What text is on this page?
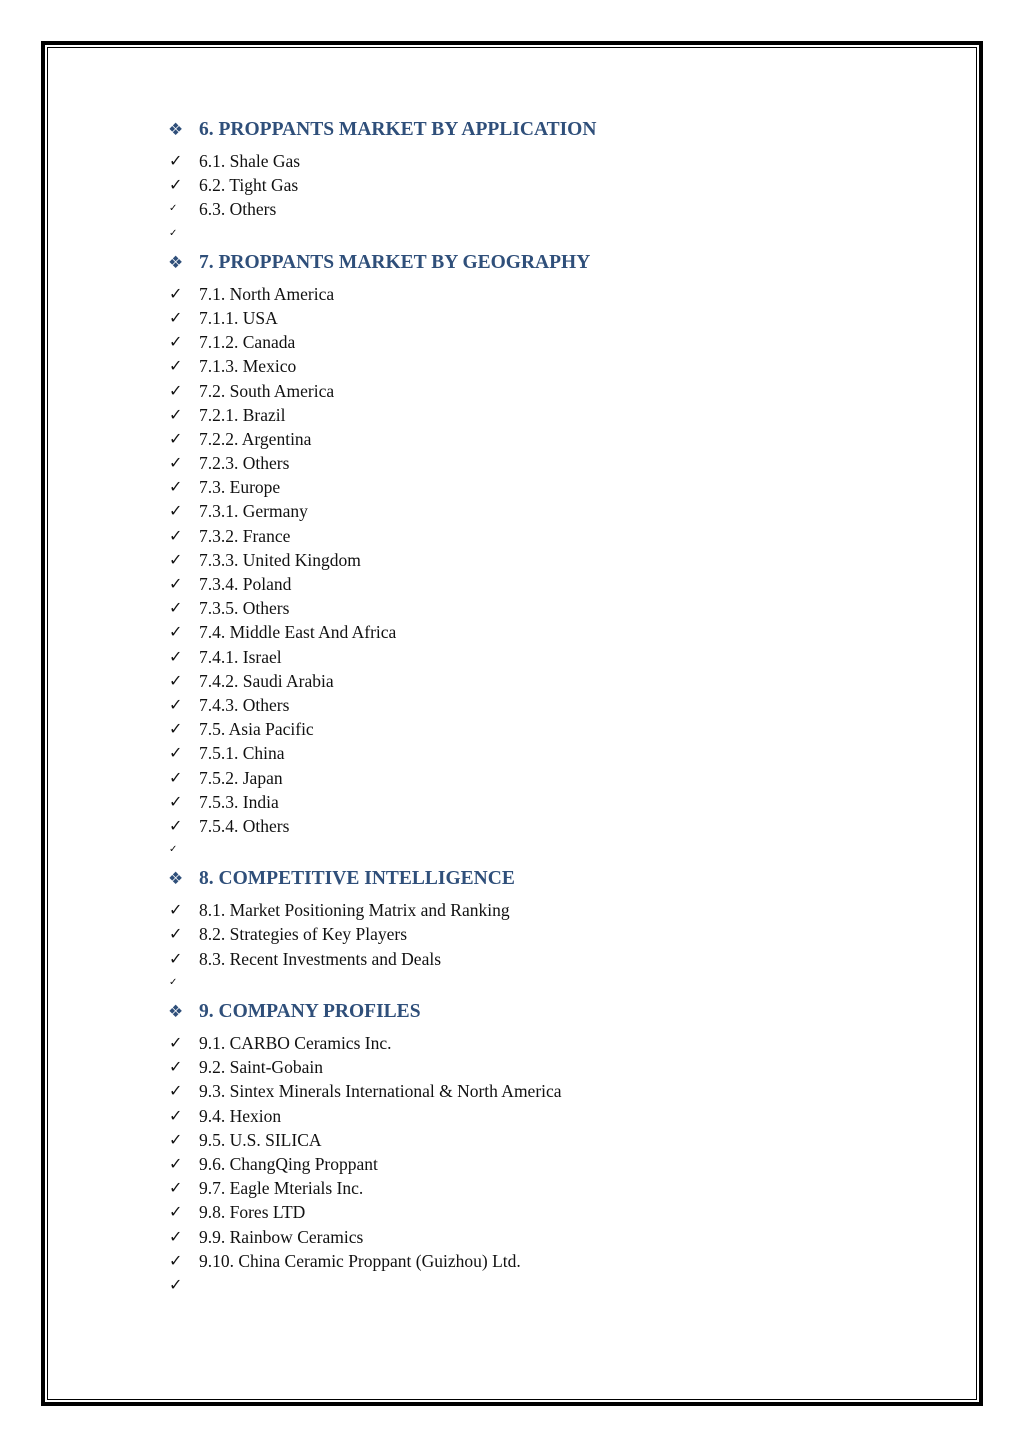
❖ 6. PROPPANTS MARKET BY APPLICATION
✓ 6.1. Shale Gas
✓ 6.2. Tight Gas
✓	6.3. Others
✓
❖ 7. PROPPANTS MARKET BY GEOGRAPHY
✓ 7.1. North America
✓ 7.1.1. USA
✓ 7.1.2. Canada
✓ 7.1.3. Mexico
✓ 7.2. South America
✓ 7.2.1. Brazil
✓ 7.2.2. Argentina
✓ 7.2.3. Others
✓ 7.3. Europe
✓ 7.3.1. Germany
✓ 7.3.2. France
✓ 7.3.3. United Kingdom
✓ 7.3.4. Poland
✓ 7.3.5. Others
✓ 7.4. Middle East And Africa
✓ 7.4.1. Israel
✓ 7.4.2. Saudi Arabia
✓ 7.4.3. Others
✓ 7.5. Asia Pacific
✓ 7.5.1. China
✓ 7.5.2. Japan
✓ 7.5.3. India
✓ 7.5.4. Others
✓
❖ 8. COMPETITIVE INTELLIGENCE
✓ 8.1. Market Positioning Matrix and Ranking
✓ 8.2. Strategies of Key Players
✓ 8.3. Recent Investments and Deals
✓
❖ 9. COMPANY PROFILES
✓ 9.1. CARBO Ceramics Inc.
✓ 9.2. Saint-Gobain
✓ 9.3. Sintex Minerals International & North America
✓ 9.4. Hexion
✓ 9.5. U.S. SILICA
✓ 9.6. ChangQing Proppant
✓ 9.7. Eagle Mterials Inc.
✓ 9.8. Fores LTD
✓ 9.9. Rainbow Ceramics
✓ 9.10. China Ceramic Proppant (Guizhou) Ltd.
✓
